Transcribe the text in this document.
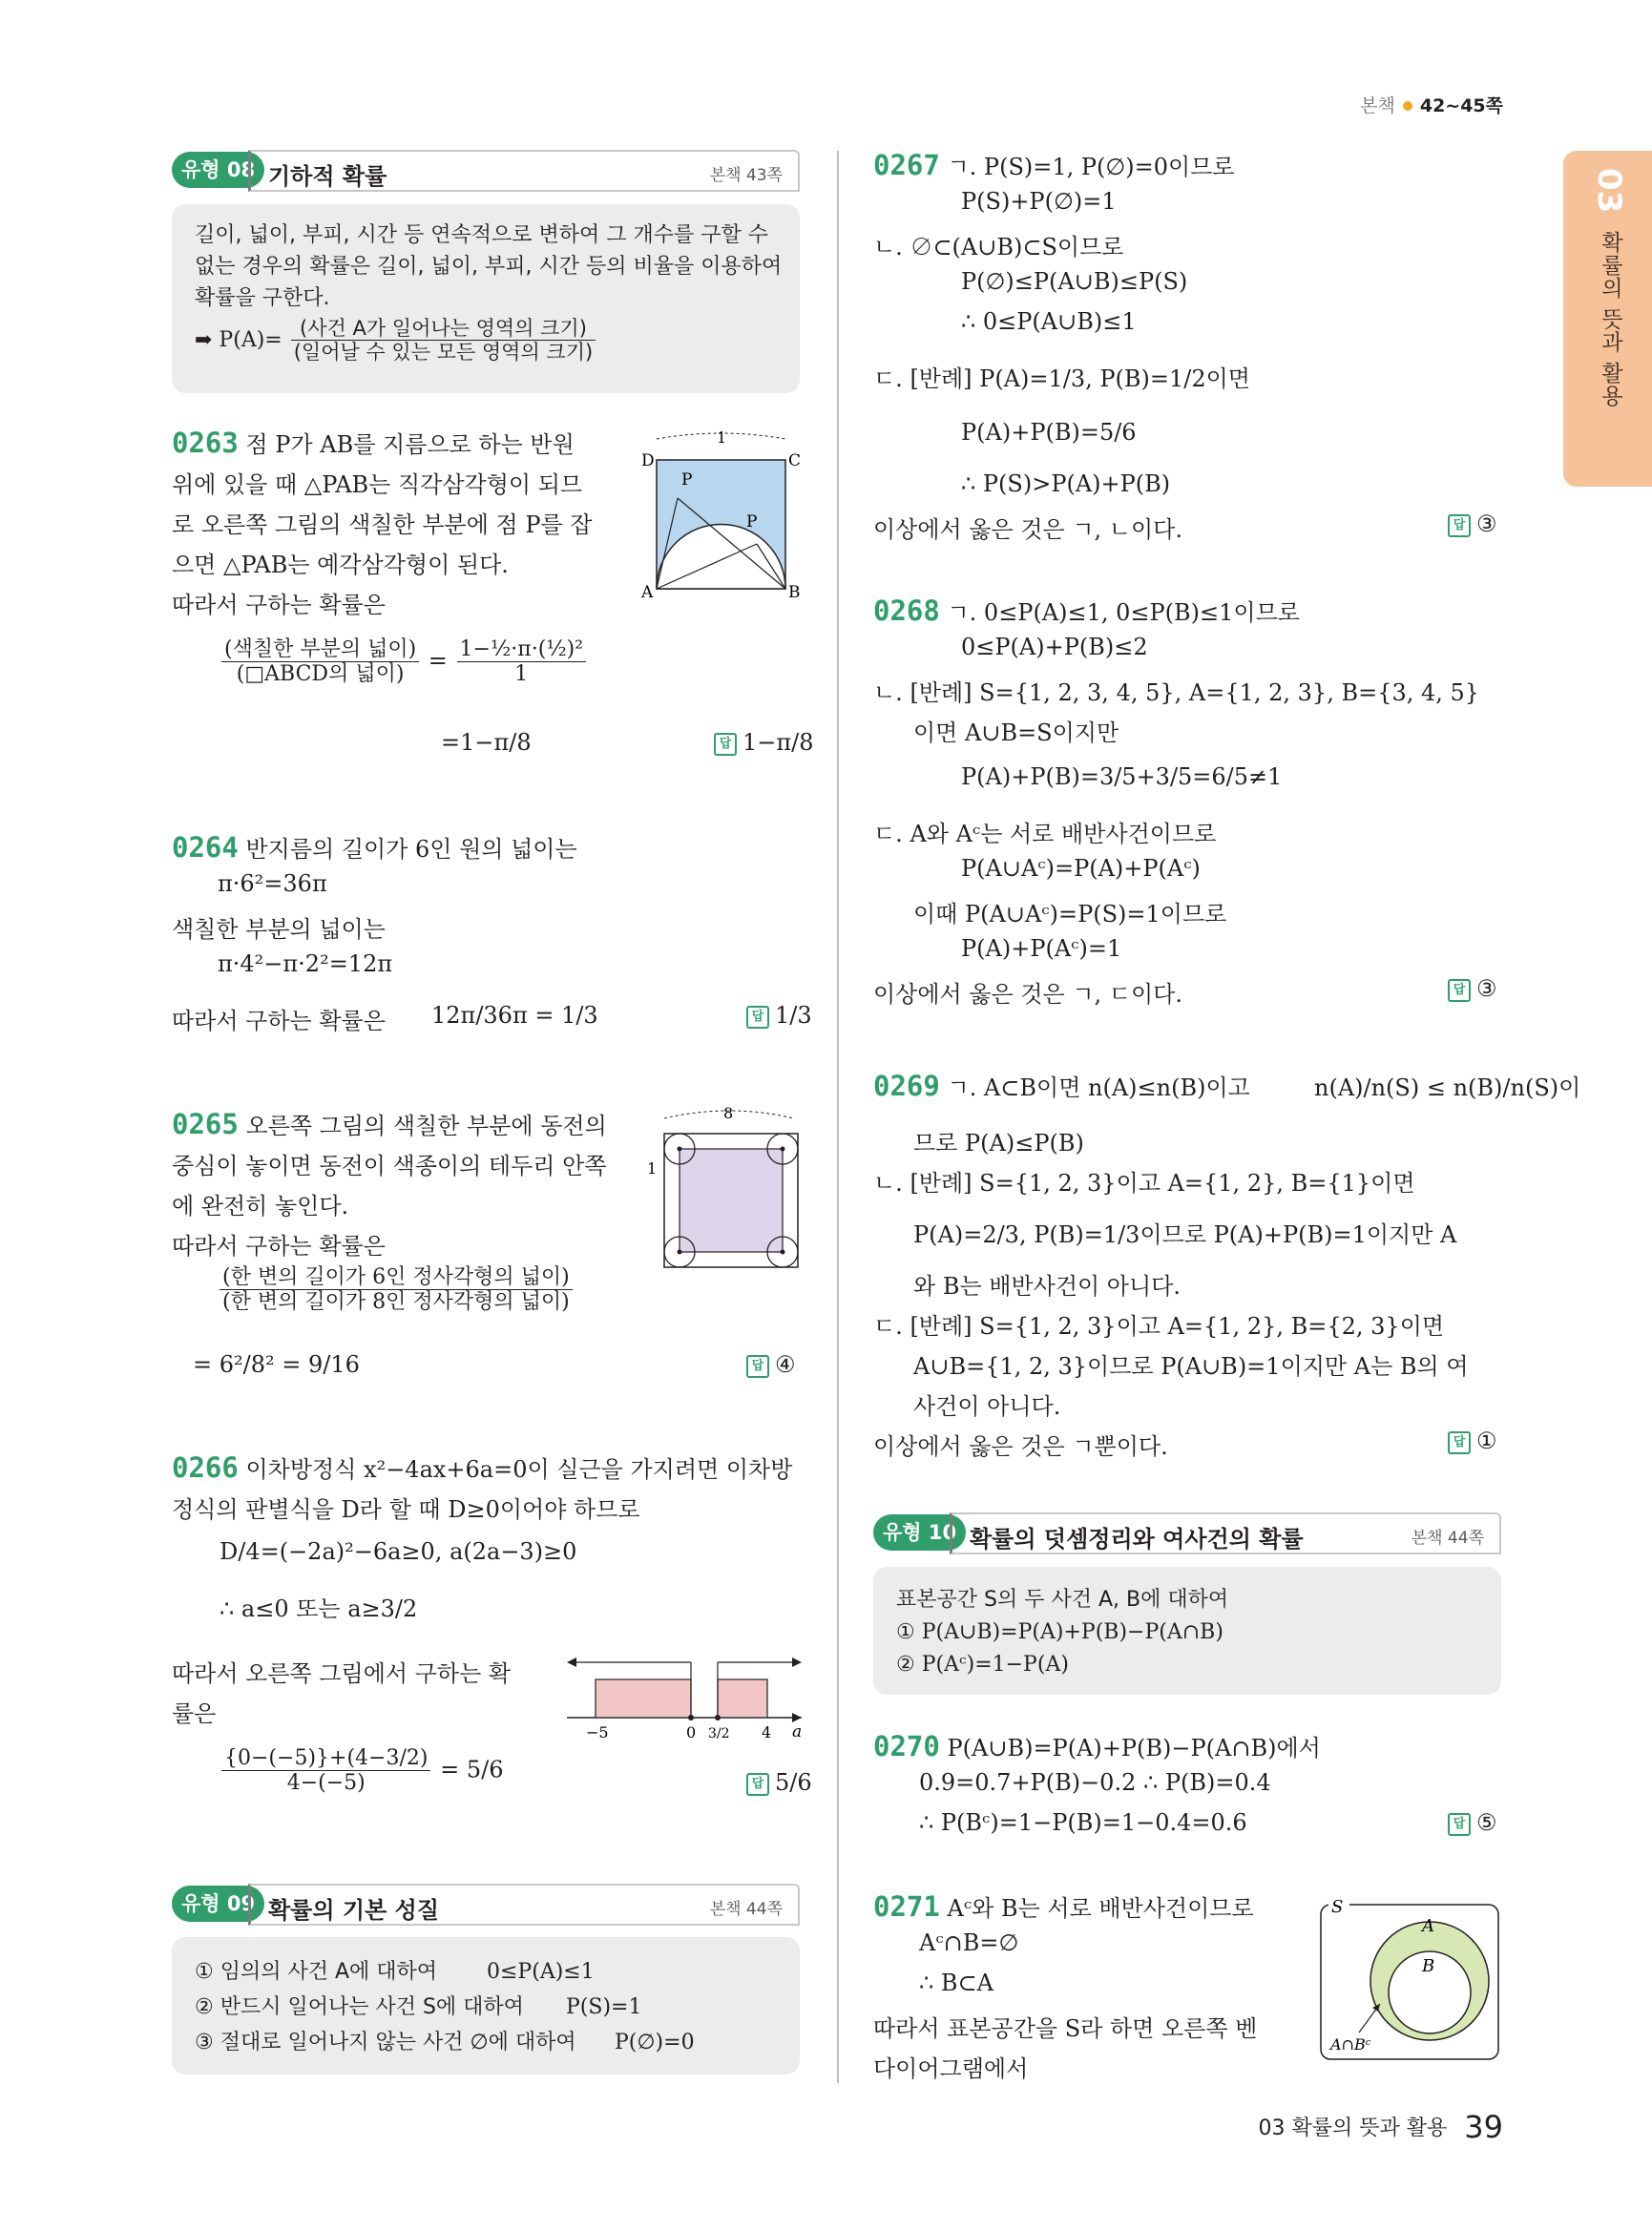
본책 42~45쪽
03
확률의 뜻과 활용
유형 08 기하적 확률	본책 43쪽
길이, 넓이, 부피, 시간 등 연속적으로 변하여 그 개수를 구할 수
없는 경우의 확률은 길이, 넓이, 부피, 시간 등의 비율을 이용하여
확률을 구한다.
➡ $P(A)= \frac{\text{(사건 A가 일어나는 영역의 크기)}}{\text{(일어날 수 있는 모든 영역의 크기)}}$
0263 점 P가 AB를 지름으로 하는 반원
위에 있을 때 △PAB는 직각삼각형이 되므
로 오른쪽 그림의 색칠한 부분에 점 P를 잡
으면 △PAB는 예각삼각형이 된다.
따라서 구하는 확률은
$\frac{\text{(색칠한 부분의 넓이)}}{\text{(□ABCD의 넓이)}} = \frac{\text{1−½·π·(½)²}}{1}$
=1−π/8	답 1−π/8
1
D	C
A	B
P
P
0264 반지름의 길이가 6인 원의 넓이는
π·6²=36π
색칠한 부분의 넓이는
π·4²−π·2²=12π
따라서 구하는 확률은 12π/36π = 1/3	답 1/3
0265 오른쪽 그림의 색칠한 부분에 동전의
중심이 놓이면 동전이 색종이의 테두리 안쪽
에 완전히 놓인다.
따라서 구하는 확률은
$\frac{\text{(한 변의 길이가 6인 정사각형의 넓이)}}{\text{(한 변의 길이가 8인 정사각형의 넓이)}}$
= 6²/8² = 9/16	답 ④
8
1
0266 이차방정식 x²−4ax+6a=0이 실근을 가지려면 이차방
정식의 판별식을 D라 할 때 D≥0이어야 하므로
D/4=(−2a)²−6a≥0, a(2a−3)≥0
∴ a≤0 또는 a≥3/2
따라서 오른쪽 그림에서 구하는 확
률은
$\frac{\{0-(-5)\}+(4-3/2)}{4-(-5)} = 5/6$
답 5/6
−5	0 3/2 4 a
유형 09 확률의 기본 성질	본책 44쪽
① 임의의 사건 A에 대하여 0≤P(A)≤1
② 반드시 일어나는 사건 S에 대하여 P(S)=1
③ 절대로 일어나지 않는 사건 ∅에 대하여 P(∅)=0
0267 ㄱ. P(S)=1, P(∅)=0이므로
P(S)+P(∅)=1
ㄴ. ∅⊂(A∪B)⊂S이므로
P(∅)≤P(A∪B)≤P(S)
∴ 0≤P(A∪B)≤1
ㄷ. [반례] P(A)=1/3, P(B)=1/2이면
P(A)+P(B)=5/6
∴ P(S)>P(A)+P(B)
이상에서 옳은 것은 ㄱ, ㄴ이다.	답 ③
0268 ㄱ. 0≤P(A)≤1, 0≤P(B)≤1이므로
0≤P(A)+P(B)≤2
ㄴ. [반례] S={1, 2, 3, 4, 5}, A={1, 2, 3}, B={3, 4, 5}
이면 A∪B=S이지만
P(A)+P(B)=3/5+3/5=6/5≠1
ㄷ. A와 Aᶜ는 서로 배반사건이므로
P(A∪Aᶜ)=P(A)+P(Aᶜ)
이때 P(A∪Aᶜ)=P(S)=1이므로
P(A)+P(Aᶜ)=1
이상에서 옳은 것은 ㄱ, ㄷ이다.	답 ③
0269 ㄱ. A⊂B이면 n(A)≤n(B)이고	n(A)/n(S) ≤ n(B)/n(S)이
므로 P(A)≤P(B)
ㄴ. [반례] S={1, 2, 3}이고 A={1, 2}, B={1}이면
P(A)=2/3, P(B)=1/3이므로 P(A)+P(B)=1이지만 A
와 B는 배반사건이 아니다.
ㄷ. [반례] S={1, 2, 3}이고 A={1, 2}, B={2, 3}이면
A∪B={1, 2, 3}이므로 P(A∪B)=1이지만 A는 B의 여
사건이 아니다.
이상에서 옳은 것은 ㄱ뿐이다.	답 ①
유형 10 확률의 덧셈정리와 여사건의 확률	본책 44쪽
표본공간 S의 두 사건 A, B에 대하여
① P(A∪B)=P(A)+P(B)−P(A∩B)
② P(Aᶜ)=1−P(A)
0270 P(A∪B)=P(A)+P(B)−P(A∩B)에서
0.9=0.7+P(B)−0.2 ∴ P(B)=0.4
∴ P(Bᶜ)=1−P(B)=1−0.4=0.6	답 ⑤
0271 Aᶜ와 B는 서로 배반사건이므로
Aᶜ∩B=∅
∴ B⊂A
따라서 표본공간을 S라 하면 오른쪽 벤
다이어그램에서
S
A
B
A∩Bᶜ
03 확률의 뜻과 활용 39
